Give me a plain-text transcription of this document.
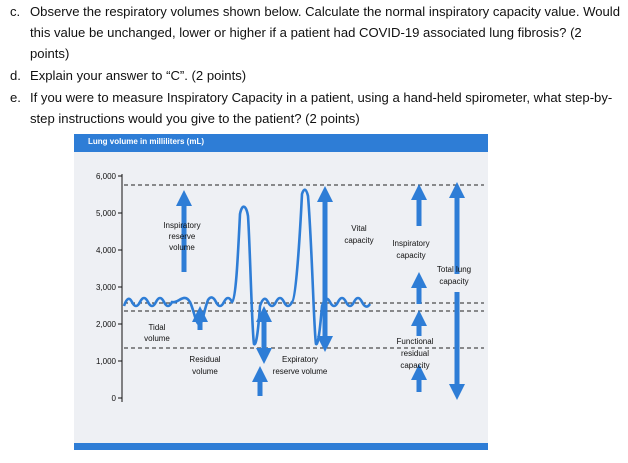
c. Observe the respiratory volumes shown below. Calculate the normal inspiratory capacity value. Would this value be unchanged, lower or higher if a patient had COVID-19 associated lung fibrosis? (2 points)
d. Explain your answer to “C”. (2 points)
e. If you were to measure Inspiratory Capacity in a patient, using a hand-held spirometer, what step-by-step instructions would you give to the patient? (2 points)
Lung volume in milliliters (mL)
6,000
5,000
4,000
3,000
2,000
1,000
0
Inspiratory
reserve
volume
Tidal
volume
Residual
volume
Expiratory
reserve volume
Vital
capacity Inspiratory
capacity
Total lung
capacity
Functional
residual
capacity
